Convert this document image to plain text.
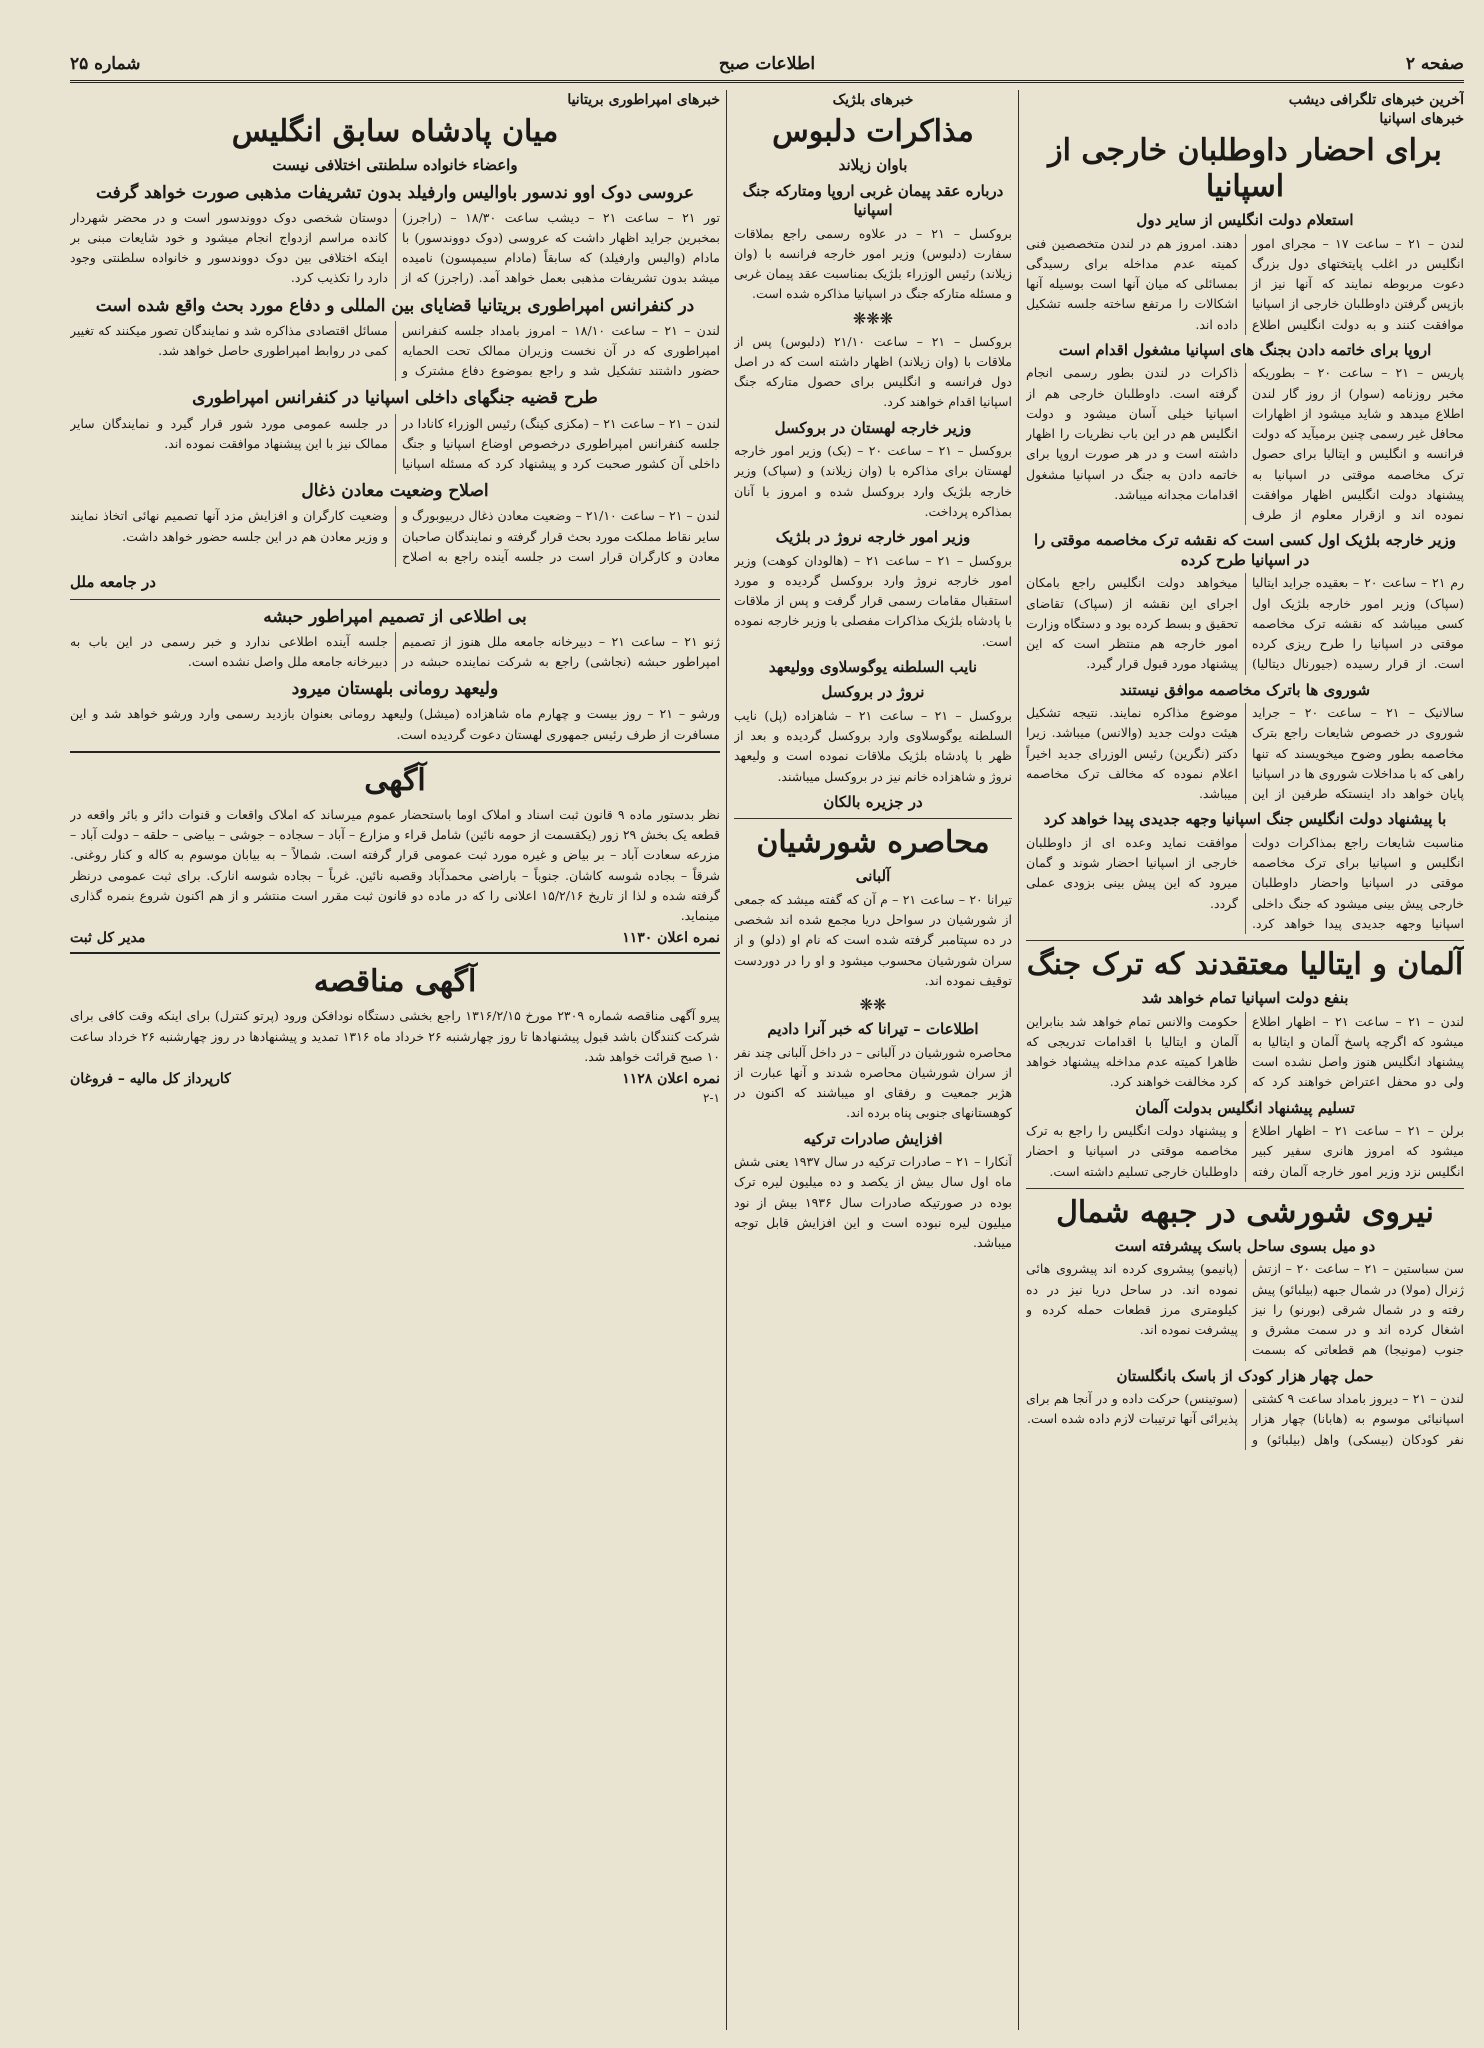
صفحه ۲
اطلاعات صبح
شماره ۲۵
آخرین خبرهای تلگرافی دیشب
خبرهای اسپانیا
برای احضار داوطلبان خارجی از اسپانیا
استعلام دولت انگلیس از سایر دول
لندن – ۲۱ – ساعت ۱۷ – مجرای امور انگلیس در اغلب پایتختهای دول بزرگ دعوت مربوطه نمایند که آنها نیز از بازپس گرفتن داوطلبان خارجی از اسپانیا موافقت کنند و به دولت انگلیس اطلاع دهند. امروز هم در لندن متخصصین فنی کمیته عدم مداخله برای رسیدگی بمسائلی که میان آنها است بوسیله آنها اشکالات را مرتفع ساخته جلسه تشکیل داده اند.
اروپا برای خاتمه دادن بجنگ های اسپانیا مشغول اقدام است
پاریس – ۲۱ – ساعت ۲۰ – بطوریکه مخبر روزنامه (سوار) از روز گار لندن اطلاع میدهد و شاید میشود از اظهارات محافل غیر رسمی چنین برمیآید که دولت فرانسه و انگلیس و ایتالیا برای حصول ترک مخاصمه موقتی در اسپانیا به پیشنهاد دولت انگلیس اظهار موافقت نموده اند و ازقرار معلوم از طرف ذاکرات در لندن بطور رسمی انجام گرفته است. داوطلبان خارجی هم از اسپانیا خیلی آسان میشود و دولت انگلیس هم در این باب نظریات را اظهار داشته است و در هر صورت اروپا برای خاتمه دادن به جنگ در اسپانیا مشغول اقدامات مجدانه میباشد.
وزیر خارجه بلژیک اول کسی است که نقشه ترک مخاصمه موقتی را در اسپانیا طرح کرده
رم ۲۱ – ساعت ۲۰ – بعقیده جراید ایتالیا (سپاک) وزیر امور خارجه بلژیک اول کسی میباشد که نقشه ترک مخاصمه موقتی در اسپانیا را طرح ریزی کرده است. از قرار رسیده (جیورنال دیتالیا) میخواهد دولت انگلیس راجع بامکان اجرای این نقشه از (سپاک) تقاضای تحقیق و بسط کرده بود و دستگاه وزارت امور خارجه هم منتظر است که این پیشنهاد مورد قبول قرار گیرد.
شوروی ها باترک مخاصمه موافق نیستند
سالانیک – ۲۱ – ساعت ۲۰ – جراید شوروی در خصوص شایعات راجع بترک مخاصمه بطور وضوح میخویسند که تنها راهی که با مداخلات شوروی ها در اسپانیا پایان خواهد داد اینستکه طرفین از این موضوع مذاکره نمایند. نتیجه تشکیل هیئت دولت جدید (والانس) میباشد. زیرا دکتر (نگرین) رئیس الوزرای جدید اخیراً اعلام نموده که مخالف ترک مخاصمه میباشد.
با پیشنهاد دولت انگلیس جنگ اسپانیا وجهه جدیدی پیدا خواهد کرد
مناسبت شایعات راجع بمذاکرات دولت انگلیس و اسپانیا برای ترک مخاصمه موقتی در اسپانیا واحضار داوطلبان خارجی پیش بینی میشود که جنگ داخلی اسپانیا وجهه جدیدی پیدا خواهد کرد. موافقت نماید وعده ای از داوطلبان خارجی از اسپانیا احضار شوند و گمان میرود که این پیش بینی بزودی عملی گردد.
آلمان و ایتالیا معتقدند که ترک جنگ
بنفع دولت اسپانیا تمام خواهد شد
لندن – ۲۱ – ساعت ۲۱ – اظهار اطلاع میشود که اگرچه پاسخ آلمان و ایتالیا به پیشنهاد انگلیس هنوز واصل نشده است ولی دو محفل اعتراض خواهند کرد که حکومت والانس تمام خواهد شد بنابراین آلمان و ایتالیا با اقدامات تدریجی که ظاهرا کمیته عدم مداخله پیشنهاد خواهد کرد مخالفت خواهند کرد.
تسلیم پیشنهاد انگلیس بدولت آلمان
برلن – ۲۱ – ساعت ۲۱ – اظهار اطلاع میشود که امروز هانری سفیر کبیر انگلیس نزد وزیر امور خارجه آلمان رفته و پیشنهاد دولت انگلیس را راجع به ترک مخاصمه موقتی در اسپانیا و احضار داوطلبان خارجی تسلیم داشته است.
نیروی شورشی در جبهه شمال
دو میل بسوی ساحل باسک پیشرفته است
سن سباستین – ۲۱ – ساعت ۲۰ – ازتش ژنرال (مولا) در شمال جبهه (بیلبائو) پیش رفته و در شمال شرقی (بورنو) را نیز اشغال کرده اند و در سمت مشرق و جنوب (مونیجا) هم قطعاتی که بسمت (پانیمو) پیشروی کرده اند پیشروی هائی نموده اند. در ساحل دریا نیز در ده کیلومتری مرز قطعات حمله کرده و پیشرفت نموده اند.
حمل چهار هزار کودک از باسک بانگلستان
لندن – ۲۱ – دیروز بامداد ساعت ۹ کشتی اسپانیائی موسوم به (هابانا) چهار هزار نفر کودکان (بیسکی) واهل (بیلبائو) و (سوتینس) حرکت داده و در آنجا هم برای پذیرائی آنها ترتیبات لازم داده شده است.
خبرهای بلژیک
مذاکرات دلبوس
باوان زیلاند
درباره عقد پیمان غربی اروپا ومتارکه جنگ اسپانیا
بروکسل – ۲۱ – در علاوه رسمی راجع بملاقات سفارت (دلبوس) وزیر امور خارجه فرانسه با (وان زیلاند) رئیس الوزراء بلژیک بمناسبت عقد پیمان غربی و مسئله متارکه جنگ در اسپانیا مذاکره شده است.
❋❋❋
بروکسل – ۲۱ – ساعت ۲۱/۱۰ (دلبوس) پس از ملاقات با (وان زیلاند) اظهار داشته است که در اصل دول فرانسه و انگلیس برای حصول متارکه جنگ اسپانیا اقدام خواهند کرد.
وزیر خارجه لهستان در بروکسل
بروکسل – ۲۱ – ساعت ۲۰ – (بک) وزیر امور خارجه لهستان برای مذاکره با (وان زیلاند) و (سپاک) وزیر خارجه بلژیک وارد بروکسل شده و امروز با آنان بمذاکره پرداخت.
وزیر امور خارجه نروژ در بلژیک
بروکسل – ۲۱ – ساعت ۲۱ – (هالودان کوهت) وزیر امور خارجه نروژ وارد بروکسل گردیده و مورد استقبال مقامات رسمی قرار گرفت و پس از ملاقات با پادشاه بلژیک مذاکرات مفصلی با وزیر خارجه نموده است.
نایب السلطنه یوگوسلاوی وولیعهد
نروژ در بروکسل
بروکسل – ۲۱ – ساعت ۲۱ – شاهزاده (پل) نایب السلطنه یوگوسلاوی وارد بروکسل گردیده و بعد از ظهر با پادشاه بلژیک ملاقات نموده است و ولیعهد نروژ و شاهزاده خانم نیز در بروکسل میباشند.
در جزیره بالکان
محاصره شورشیان
آلبانی
تیرانا ۲۰ – ساعت ۲۱ – م آن که گفته میشد که جمعی از شورشیان در سواحل دریا مجمع شده اند شخصی در ده سپتامبر گرفته شده است که نام او (دلو) و از سران شورشیان محسوب میشود و او را در دوردست توقیف نموده اند.
❋❋
اطلاعات – تیرانا که خبر آنرا دادیم
محاصره شورشیان در آلبانی – در داخل آلبانی چند نفر از سران شورشیان محاصره شدند و آنها عبارت از هژبر جمعیت و رفقای او میباشند که اکنون در کوهستانهای جنوبی پناه برده اند.
افزایش صادرات ترکیه
آنکارا – ۲۱ – صادرات ترکیه در سال ۱۹۳۷ یعنی شش ماه اول سال بیش از یکصد و ده میلیون لیره ترک بوده در صورتیکه صادرات سال ۱۹۳۶ بیش از نود میلیون لیره نبوده است و این افزایش قابل توجه میباشد.
خبرهای امپراطوری بریتانیا
میان پادشاه سابق انگلیس
واعضاء خانواده سلطنتی اختلافی نیست
عروسی دوک اوو ندسور باوالیس وارفیلد بدون تشریفات مذهبی صورت خواهد گرفت
تور ۲۱ – ساعت ۲۱ – دیشب ساعت ۱۸/۳۰ – (راجرز) بمخبرین جراید اظهار داشت که عروسی (دوک دووندسور) با مادام (والیس وارفیلد) که سابقاً (مادام سیمپسون) نامیده میشد بدون تشریفات مذهبی بعمل خواهد آمد. (راجرز) که از دوستان شخصی دوک دووندسور است و در محضر شهردار کانده مراسم ازدواج انجام میشود و خود شایعات مبنی بر اینکه اختلافی بین دوک دووندسور و خانواده سلطنتی وجود دارد را تکذیب کرد.
در کنفرانس امپراطوری بریتانیا قضایای بین المللی و دفاع مورد بحث واقع شده است
لندن – ۲۱ – ساعت ۱۸/۱۰ – امروز بامداد جلسه کنفرانس امپراطوری که در آن نخست وزیران ممالک تحت الحمایه حضور داشتند تشکیل شد و راجع بموضوع دفاع مشترک و مسائل اقتصادی مذاکره شد و نمایندگان تصور میکنند که تغییر کمی در روابط امپراطوری حاصل خواهد شد.
طرح قضیه جنگهای داخلی اسپانیا در کنفرانس امپراطوری
لندن – ۲۱ – ساعت ۲۱ – (مکزی کینگ) رئیس الوزراء کانادا در جلسه کنفرانس امپراطوری درخصوص اوضاع اسپانیا و جنگ داخلی آن کشور صحبت کرد و پیشنهاد کرد که مسئله اسپانیا در جلسه عمومی مورد شور قرار گیرد و نمایندگان سایر ممالک نیز با این پیشنهاد موافقت نموده اند.
اصلاح وضعیت معادن ذغال
لندن – ۲۱ – ساعت ۲۱/۱۰ – وضعیت معادن ذغال دربیوبورگ و سایر نقاط مملکت مورد بحث قرار گرفته و نمایندگان صاحبان معادن و کارگران قرار است در جلسه آینده راجع به اصلاح وضعیت کارگران و افزایش مزد آنها تصمیم نهائی اتخاذ نمایند و وزیر معادن هم در این جلسه حضور خواهد داشت.
در جامعه ملل
بی اطلاعی از تصمیم امپراطور حبشه
ژنو ۲۱ – ساعت ۲۱ – دبیرخانه جامعه ملل هنوز از تصمیم امپراطور حبشه (نجاشی) راجع به شرکت نماینده حبشه در جلسه آینده اطلاعی ندارد و خبر رسمی در این باب به دبیرخانه جامعه ملل واصل نشده است.
ولیعهد رومانی بلهستان میرود
ورشو – ۲۱ – روز بیست و چهارم ماه شاهزاده (میشل) ولیعهد رومانی بعنوان بازدید رسمی وارد ورشو خواهد شد و این مسافرت از طرف رئیس جمهوری لهستان دعوت گردیده است.
آگهی
نظر بدستور ماده ۹ قانون ثبت اسناد و املاک اوما باستحضار عموم میرساند که املاک واقعات و قنوات دائر و بائر واقعه در قطعه یک بخش ۲۹ زور (یکقسمت از حومه نائین) شامل قراء و مزارع – آباد – سجاده – جوشی – بیاضی – حلقه – دولت آباد – مزرعه سعادت آباد – بر بیاض و غیره مورد ثبت عمومی قرار گرفته است. شمالاً – به بیابان موسوم به کاله و کنار روغنی. شرقاً – بجاده شوسه کاشان. جنوباً – باراضی محمدآباد وقصبه نائین. غرباً – بجاده شوسه انارک. برای ثبت عمومی درنظر گرفته شده و لذا از تاریخ ۱۵/۲/۱۶ اعلانی را که در ماده دو قانون ثبت مقرر است منتشر و از هم اکنون شروع بنمره گذاری مینماید.
نمره اعلان ۱۱۳۰
مدیر کل ثبت
آگهی مناقصه
پیرو آگهی مناقصه شماره ۲۳۰۹ مورخ ۱۳۱۶/۲/۱۵ راجع بخشی دستگاه نودافکن ورود (پرتو کنترل) برای اینکه وقت کافی برای شرکت کنندگان باشد قبول پیشنهادها تا روز چهارشنبه ۲۶ خرداد ماه ۱۳۱۶ تمدید و پیشنهادها در روز چهارشنبه ۲۶ خرداد ساعت ۱۰ صبح قرائت خواهد شد.
نمره اعلان ۱۱۲۸
کارپرداز کل مالیه – فروغان
۲-۱
